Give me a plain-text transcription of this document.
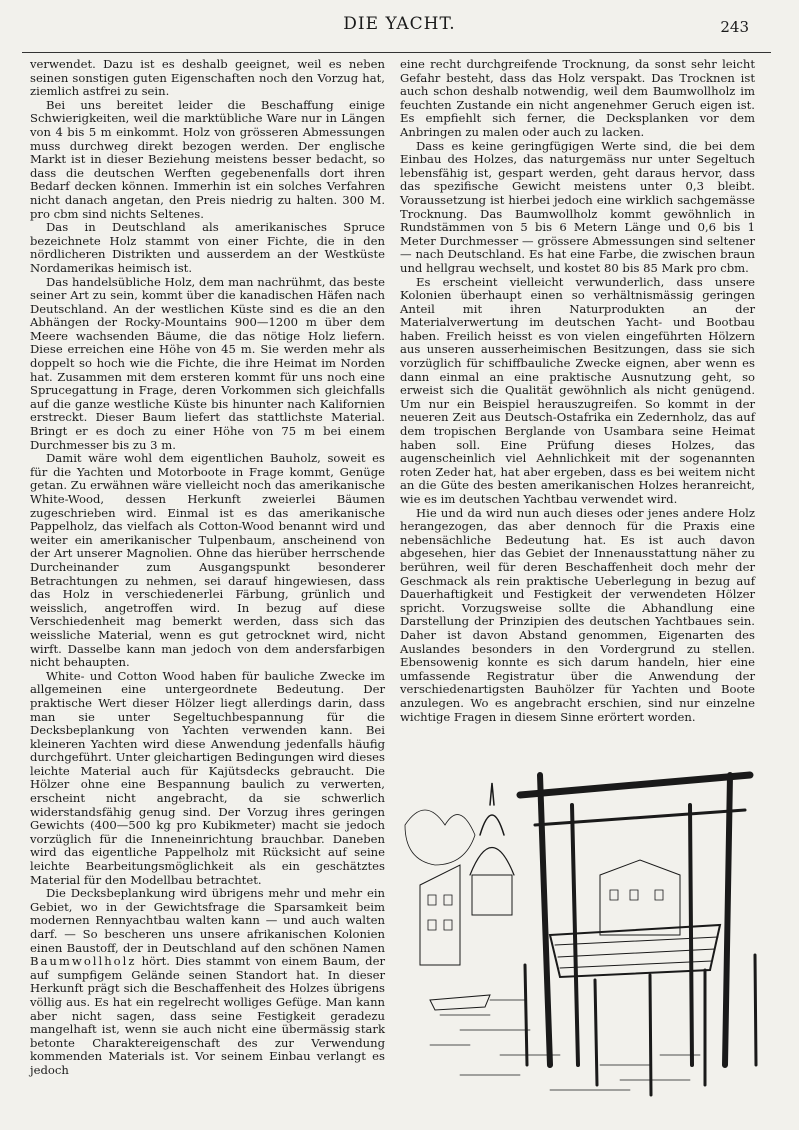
DIE YACHT.	243

verwendet. Dazu ist es deshalb geeignet, weil es neben seinen sonstigen guten Eigenschaften noch den Vorzug hat, ziemlich astfrei zu sein.

Bei uns bereitet leider die Beschaffung einige Schwierigkeiten, weil die marktübliche Ware nur in Längen von 4 bis 5 m einkommt. Holz von grösseren Abmessungen muss durchweg direkt bezogen werden. Der englische Markt ist in dieser Beziehung meistens besser bedacht, so dass die deutschen Werften gegebenenfalls dort ihren Bedarf decken können. Immerhin ist ein solches Verfahren nicht danach angetan, den Preis niedrig zu halten. 300 M. pro cbm sind nichts Seltenes.

Das in Deutschland als amerikanisches Spruce bezeichnete Holz stammt von einer Fichte, die in den nördlicheren Distrikten und ausserdem an der Westküste Nordamerikas heimisch ist.

Das handelsübliche Holz, dem man nachrühmt, das beste seiner Art zu sein, kommt über die kanadischen Häfen nach Deutschland. An der westlichen Küste sind es die an den Abhängen der Rocky-Mountains 900—1200 m über dem Meere wachsenden Bäume, die das nötige Holz liefern. Diese erreichen eine Höhe von 45 m. Sie werden mehr als doppelt so hoch wie die Fichte, die ihre Heimat im Norden hat. Zusammen mit dem ersteren kommt für uns noch eine Sprucegattung in Frage, deren Vorkommen sich gleichfalls auf die ganze westliche Küste bis hinunter nach Kalifornien erstreckt. Dieser Baum liefert das stattlichste Material. Bringt er es doch zu einer Höhe von 75 m bei einem Durchmesser bis zu 3 m.

Damit wäre wohl dem eigentlichen Bauholz, soweit es für die Yachten und Motorboote in Frage kommt, Genüge getan. Zu erwähnen wäre vielleicht noch das amerikanische White-Wood, dessen Herkunft zweierlei Bäumen zugeschrieben wird. Einmal ist es das amerikanische Pappelholz, das vielfach als Cotton-Wood benannt wird und weiter ein amerikanischer Tulpenbaum, anscheinend von der Art unserer Magnolien. Ohne das hierüber herrschende Durcheinander zum Ausgangspunkt besonderer Betrachtungen zu nehmen, sei darauf hingewiesen, dass das Holz in verschiedenerlei Färbung, grünlich und weisslich, angetroffen wird. In bezug auf diese Verschiedenheit mag bemerkt werden, dass sich das weissliche Material, wenn es gut getrocknet wird, nicht wirft. Dasselbe kann man jedoch von dem andersfarbigen nicht behaupten.

White- und Cotton Wood haben für bauliche Zwecke im allgemeinen eine untergeordnete Bedeutung. Der praktische Wert dieser Hölzer liegt allerdings darin, dass man sie unter Segeltuchbespannung für die Decksbeplankung von Yachten verwenden kann. Bei kleineren Yachten wird diese Anwendung jedenfalls häufig durchgeführt. Unter gleichartigen Bedingungen wird dieses leichte Material auch für Kajütsdecks gebraucht. Die Hölzer ohne eine Bespannung baulich zu verwerten, erscheint nicht angebracht, da sie schwerlich widerstandsfähig genug sind. Der Vorzug ihres geringen Gewichts (400—500 kg pro Kubikmeter) macht sie jedoch vorzüglich für die Inneneinrichtung brauchbar. Daneben wird das eigentliche Pappelholz mit Rücksicht auf seine leichte Bearbeitungsmöglichkeit als ein geschätztes Material für den Modellbau betrachtet.

Die Decksbeplankung wird übrigens mehr und mehr ein Gebiet, wo in der Gewichtsfrage die Sparsamkeit beim modernen Rennyachtbau walten kann — und auch walten darf. — So bescheren uns unsere afrikanischen Kolonien einen Baustoff, der in Deutschland auf den schönen Namen Baumwollholz hört. Dies stammt von einem Baum, der auf sumpfigem Gelände seinen Standort hat. In dieser Herkunft prägt sich die Beschaffenheit des Holzes übrigens völlig aus. Es hat ein regelrecht wolliges Gefüge. Man kann aber nicht sagen, dass seine Festigkeit geradezu mangelhaft ist, wenn sie auch nicht eine übermässig stark betonte Charaktereigenschaft des zur Verwendung kommenden Materials ist. Vor seinem Einbau verlangt es jedoch

eine recht durchgreifende Trocknung, da sonst sehr leicht Gefahr besteht, dass das Holz verspakt. Das Trocknen ist auch schon deshalb notwendig, weil dem Baumwollholz im feuchten Zustande ein nicht angenehmer Geruch eigen ist. Es empfiehlt sich ferner, die Decksplanken vor dem Anbringen zu malen oder auch zu lacken.

Dass es keine geringfügigen Werte sind, die bei dem Einbau des Holzes, das naturgemäss nur unter Segeltuch lebensfähig ist, gespart werden, geht daraus hervor, dass das spezifische Gewicht meistens unter 0,3 bleibt. Voraussetzung ist hierbei jedoch eine wirklich sachgemässe Trocknung. Das Baumwollholz kommt gewöhnlich in Rundstämmen von 5 bis 6 Metern Länge und 0,6 bis 1 Meter Durchmesser — grössere Abmessungen sind seltener — nach Deutschland. Es hat eine Farbe, die zwischen braun und hellgrau wechselt, und kostet 80 bis 85 Mark pro cbm.

Es erscheint vielleicht verwunderlich, dass unsere Kolonien überhaupt einen so verhältnismässig geringen Anteil mit ihren Naturprodukten an der Materialverwertung im deutschen Yacht- und Bootbau haben. Freilich heisst es von vielen eingeführten Hölzern aus unseren ausserheimischen Besitzungen, dass sie sich vorzüglich für schiffbauliche Zwecke eignen, aber wenn es dann einmal an eine praktische Ausnutzung geht, so erweist sich die Qualität gewöhnlich als nicht genügend. Um nur ein Beispiel herauszugreifen. So kommt in der neueren Zeit aus Deutsch-Ostafrika ein Zedernholz, das auf dem tropischen Berglande von Usambara seine Heimat haben soll. Eine Prüfung dieses Holzes, das augenscheinlich viel Aehnlichkeit mit der sogenannten roten Zeder hat, hat aber ergeben, dass es bei weitem nicht an die Güte des besten amerikanischen Holzes heranreicht, wie es im deutschen Yachtbau verwendet wird.

Hie und da wird nun auch dieses oder jenes andere Holz herangezogen, das aber dennoch für die Praxis eine nebensächliche Bedeutung hat. Es ist auch davon abgesehen, hier das Gebiet der Innenausstattung näher zu berühren, weil für deren Beschaffenheit doch mehr der Geschmack als rein praktische Ueberlegung in bezug auf Dauerhaftigkeit und Festigkeit der verwendeten Hölzer spricht. Vorzugsweise sollte die Abhandlung eine Darstellung der Prinzipien des deutschen Yachtbaues sein. Daher ist davon Abstand genommen, Eigenarten des Auslandes besonders in den Vordergrund zu stellen. Ebensowenig konnte es sich darum handeln, hier eine umfassende Registratur über die Anwendung der verschiedenartigsten Bauhölzer für Yachten und Boote anzulegen. Wo es angebracht erschien, sind nur einzelne wichtige Fragen in diesem Sinne erörtert worden.
